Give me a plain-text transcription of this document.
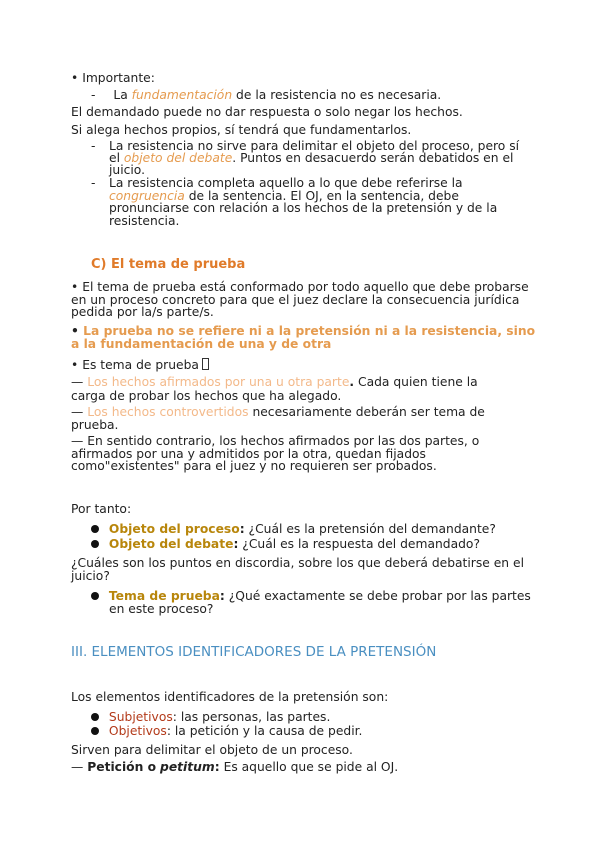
• Importante:
- La fundamentación de la resistencia no es necesaria.
El demandado puede no dar respuesta o solo negar los hechos.
Si alega hechos propios, sí tendrá que fundamentarlos.
- La resistencia no sirve para delimitar el objeto del proceso, pero sí
el objeto del debate. Puntos en desacuerdo serán debatidos en el
juicio.
- La resistencia completa aquello a lo que debe referirse la
congruencia de la sentencia. El OJ, en la sentencia, debe
pronunciarse con relación a los hechos de la pretensión y de la
resistencia.
C) El tema de prueba
• El tema de prueba está conformado por todo aquello que debe probarse
en un proceso concreto para que el juez declare la consecuencia jurídica
pedida por la/s parte/s.
• La prueba no se refiere ni a la pretensión ni a la resistencia, sino
a la fundamentación de una y de otra
• Es tema de prueba
— Los hechos afirmados por una u otra parte. Cada quien tiene la
carga de probar los hechos que ha alegado.
— Los hechos controvertidos necesariamente deberán ser tema de
prueba.
— En sentido contrario, los hechos afirmados por las dos partes, o
afirmados por una y admitidos por la otra, quedan fijados
como"existentes" para el juez y no requieren ser probados.
Por tanto:
Objeto del proceso: ¿Cuál es la pretensión del demandante?
Objeto del debate: ¿Cuál es la respuesta del demandado?
¿Cuáles son los puntos en discordia, sobre los que deberá debatirse en el
juicio?
Tema de prueba: ¿Qué exactamente se debe probar por las partes
en este proceso?
III. ELEMENTOS IDENTIFICADORES DE LA PRETENSIÓN
Los elementos identificadores de la pretensión son:
Subjetivos: las personas, las partes.
Objetivos: la petición y la causa de pedir.
Sirven para delimitar el objeto de un proceso.
— Petición o petitum: Es aquello que se pide al OJ.
